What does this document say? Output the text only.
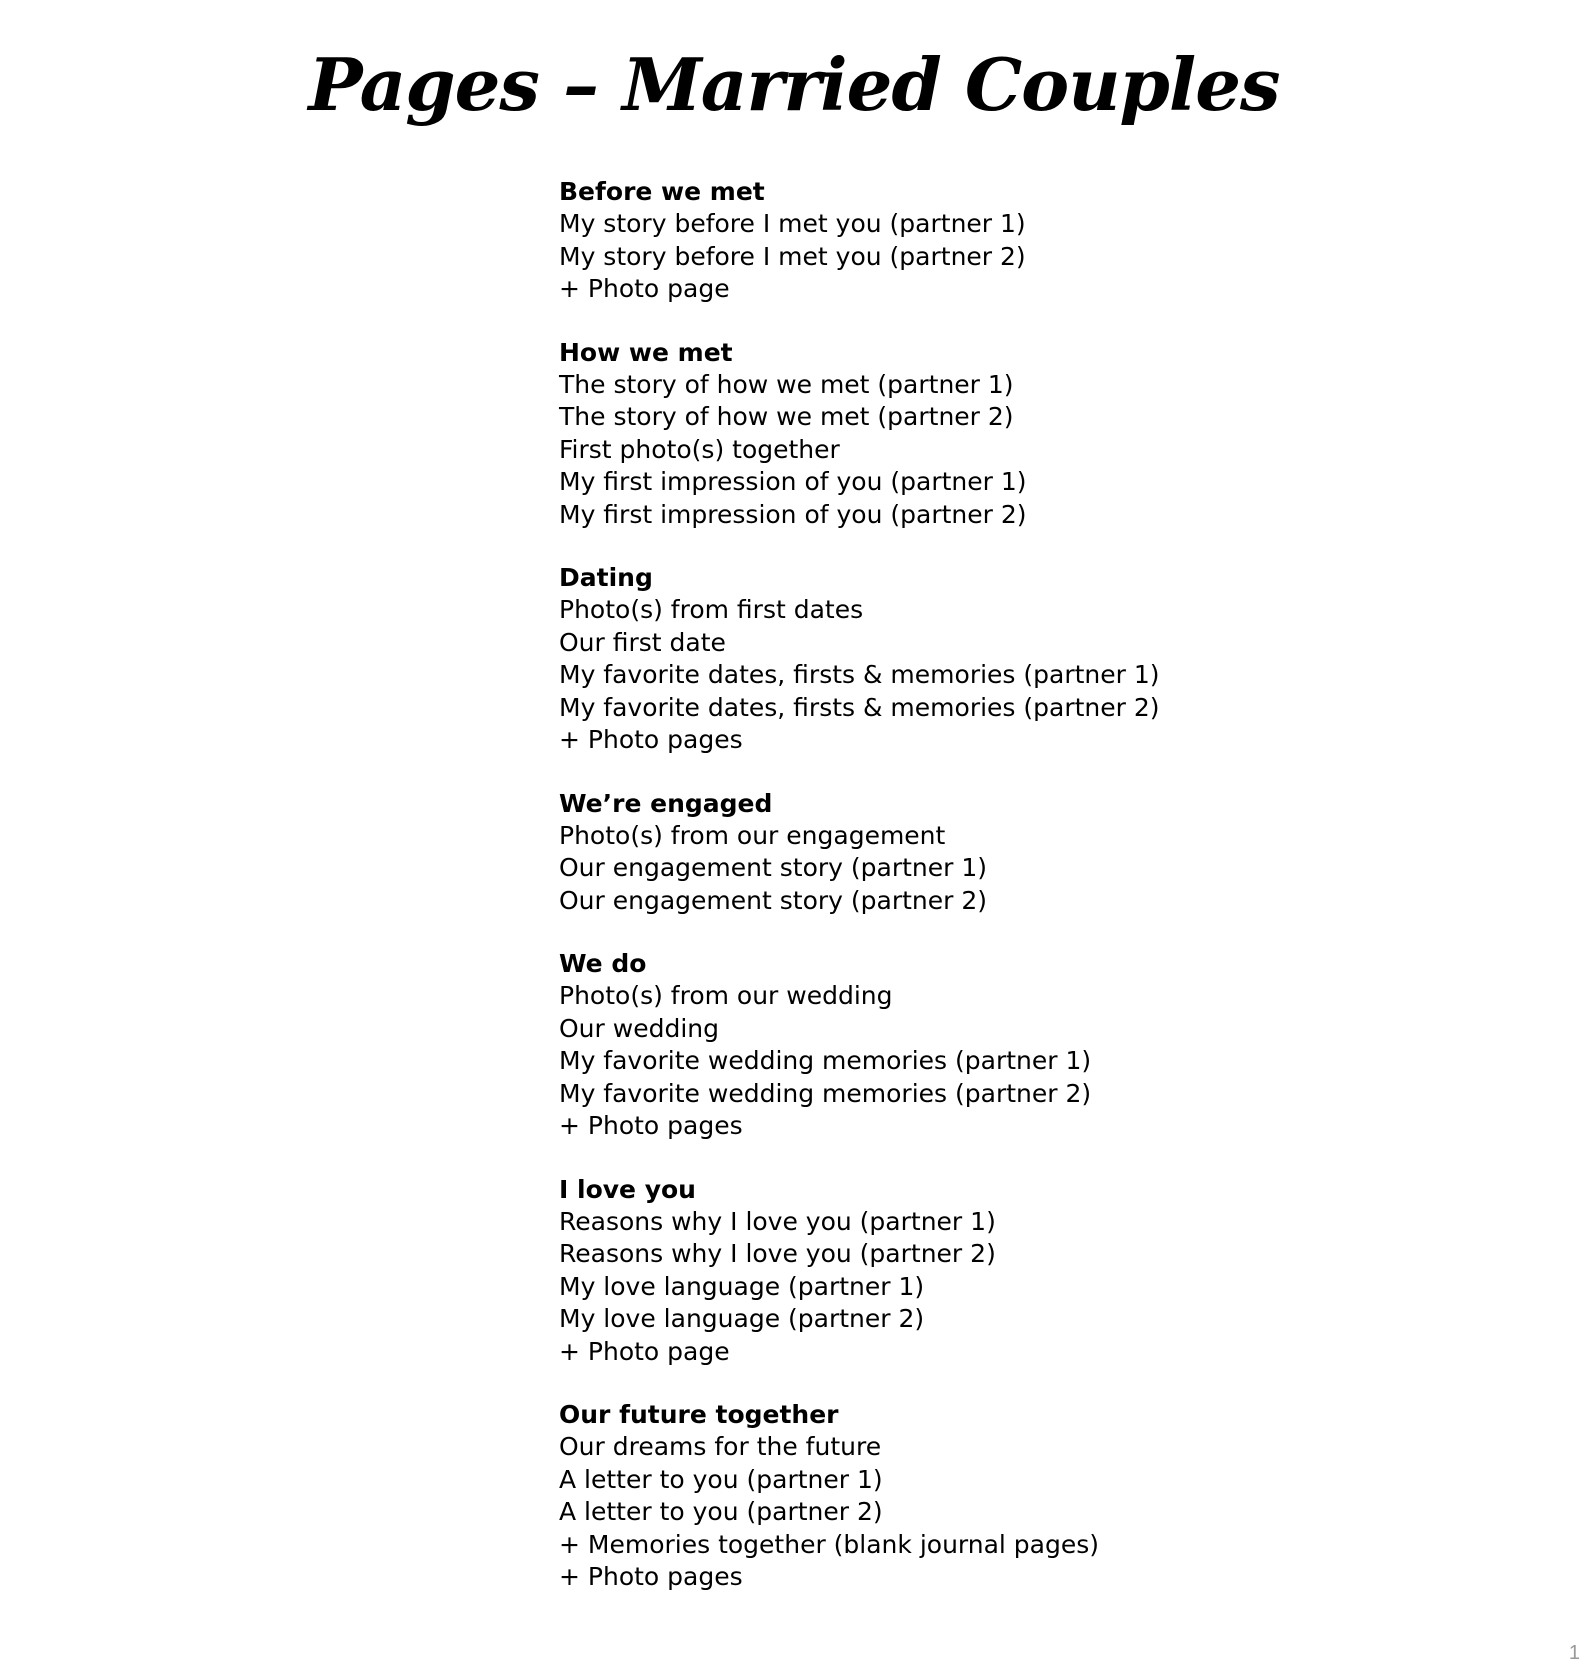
Pages – Married Couples
Before we met
My story before I met you (partner 1)
My story before I met you (partner 2)
+ Photo page
How we met
The story of how we met (partner 1)
The story of how we met (partner 2)
First photo(s) together
My first impression of you (partner 1)
My first impression of you (partner 2)
Dating
Photo(s) from first dates
Our first date
My favorite dates, firsts & memories (partner 1)
My favorite dates, firsts & memories (partner 2)
+ Photo pages
We’re engaged
Photo(s) from our engagement
Our engagement story (partner 1)
Our engagement story (partner 2)
We do
Photo(s) from our wedding
Our wedding
My favorite wedding memories (partner 1)
My favorite wedding memories (partner 2)
+ Photo pages
I love you
Reasons why I love you (partner 1)
Reasons why I love you (partner 2)
My love language (partner 1)
My love language (partner 2)
+ Photo page
Our future together
Our dreams for the future
A letter to you (partner 1)
A letter to you (partner 2)
+ Memories together (blank journal pages)
+ Photo pages
1
